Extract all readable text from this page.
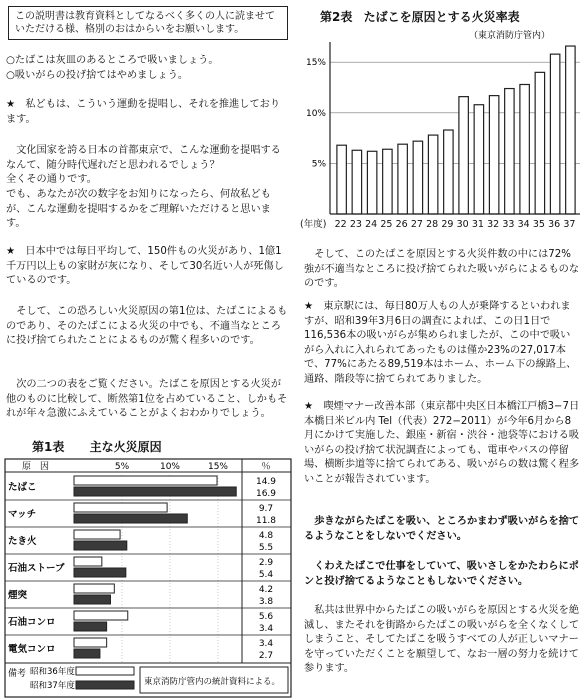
この説明書は教育資料としてなるべく多くの人に読ませていただける様、格別のおはからいをお願いします。

○たばこは灰皿のあるところで吸いましょう。

○吸いがらの投げ捨てはやめましょう。

★　私どもは、こういう運動を提唱し、それを推進しております。

文化国家を誇る日本の首都東京で、こんな運動を提唱するなんて、随分時代遅れだと思われるでしょう？

全くその通りです。

でも、あなたが次の数字をお知りになったら、何故私どもが、こんな運動を提唱するかをご理解いただけると思います。

★　日本中では毎日平均して、150件もの火災があり、1億1千万円以上もの家財が灰になり、そして30名近い人が死傷しているのです。

そして、この恐ろしい火災原因の第1位は、たばこによるものであり、そのたばこによる火災の中でも、不適当なところに投げ捨てられたことによるものが驚く程多いのです。

次の二つの表をご覧ください。たばこを原因とする火災が他のものに比較して、断然第1位を占めていること、しかもそれが年々急激にふえていることがよくおわかりでしょう。

第1表 主な火災原因
原　因	％
5%	10%	15%
たばこ	14.9
16.9
マッチ	9.7
11.8
たき火	4.8
5.5
石油ストーブ	2.9
5.4
煙突	4.2
3.8
石油コンロ	5.6
3.4
電気コンロ	3.4
2.7
備考 昭和36年度
昭和37年度	東京消防庁管内の統計資料による。
第2表 たばこを原因とする火災率表
（東京消防庁管内）
5%
10%
15%
(年度) 22 23 24 25 26 27 28 29 30 31 32 33 34 35 36 37

そして、このたばこを原因とする火災件数の中には72%強が不適当なところに投げ捨てられた吸いがらによるものなのです。

★　東京駅には、毎日80万人もの人が乗降するといわれますが、昭和39年3月6日の調査によれば、この日1日で116,536本の吸いがらが集められましたが、この中で吸いがら入れに入れられてあったものは僅か23%の27,017本で、77%にあたる89,519本はホーム、ホーム下の線路上、通路、階段等に捨てられてありました。

★　喫煙マナー改善本部（東京都中央区日本橋江戸橋3−7日本橋日米ビル内 Tel（代表）272−2011）が今年6月から8月にかけて実施した、銀座・新宿・渋谷・池袋等における吸いがらの投げ捨て状況調査によっても、電車やバスの停留場、横断歩道等に捨てられてある、吸いがらの数は驚く程多いことが報告されています。

歩きながらたばこを吸い、ところかまわず吸いがらを捨てるようなことをしないでください。

くわえたばこで仕事をしていて、吸いさしをかたわらにポンと投げ捨てるようなこともしないでください。

私共は世界中からたばこの吸いがらを原因とする火災を絶滅し、またそれを街路からたばこの吸いがらを全くなくしてしまうこと、そしてたばこを吸うすべての人が正しいマナーを守っていただくことを願望して、なお一層の努力を続けて参ります。
